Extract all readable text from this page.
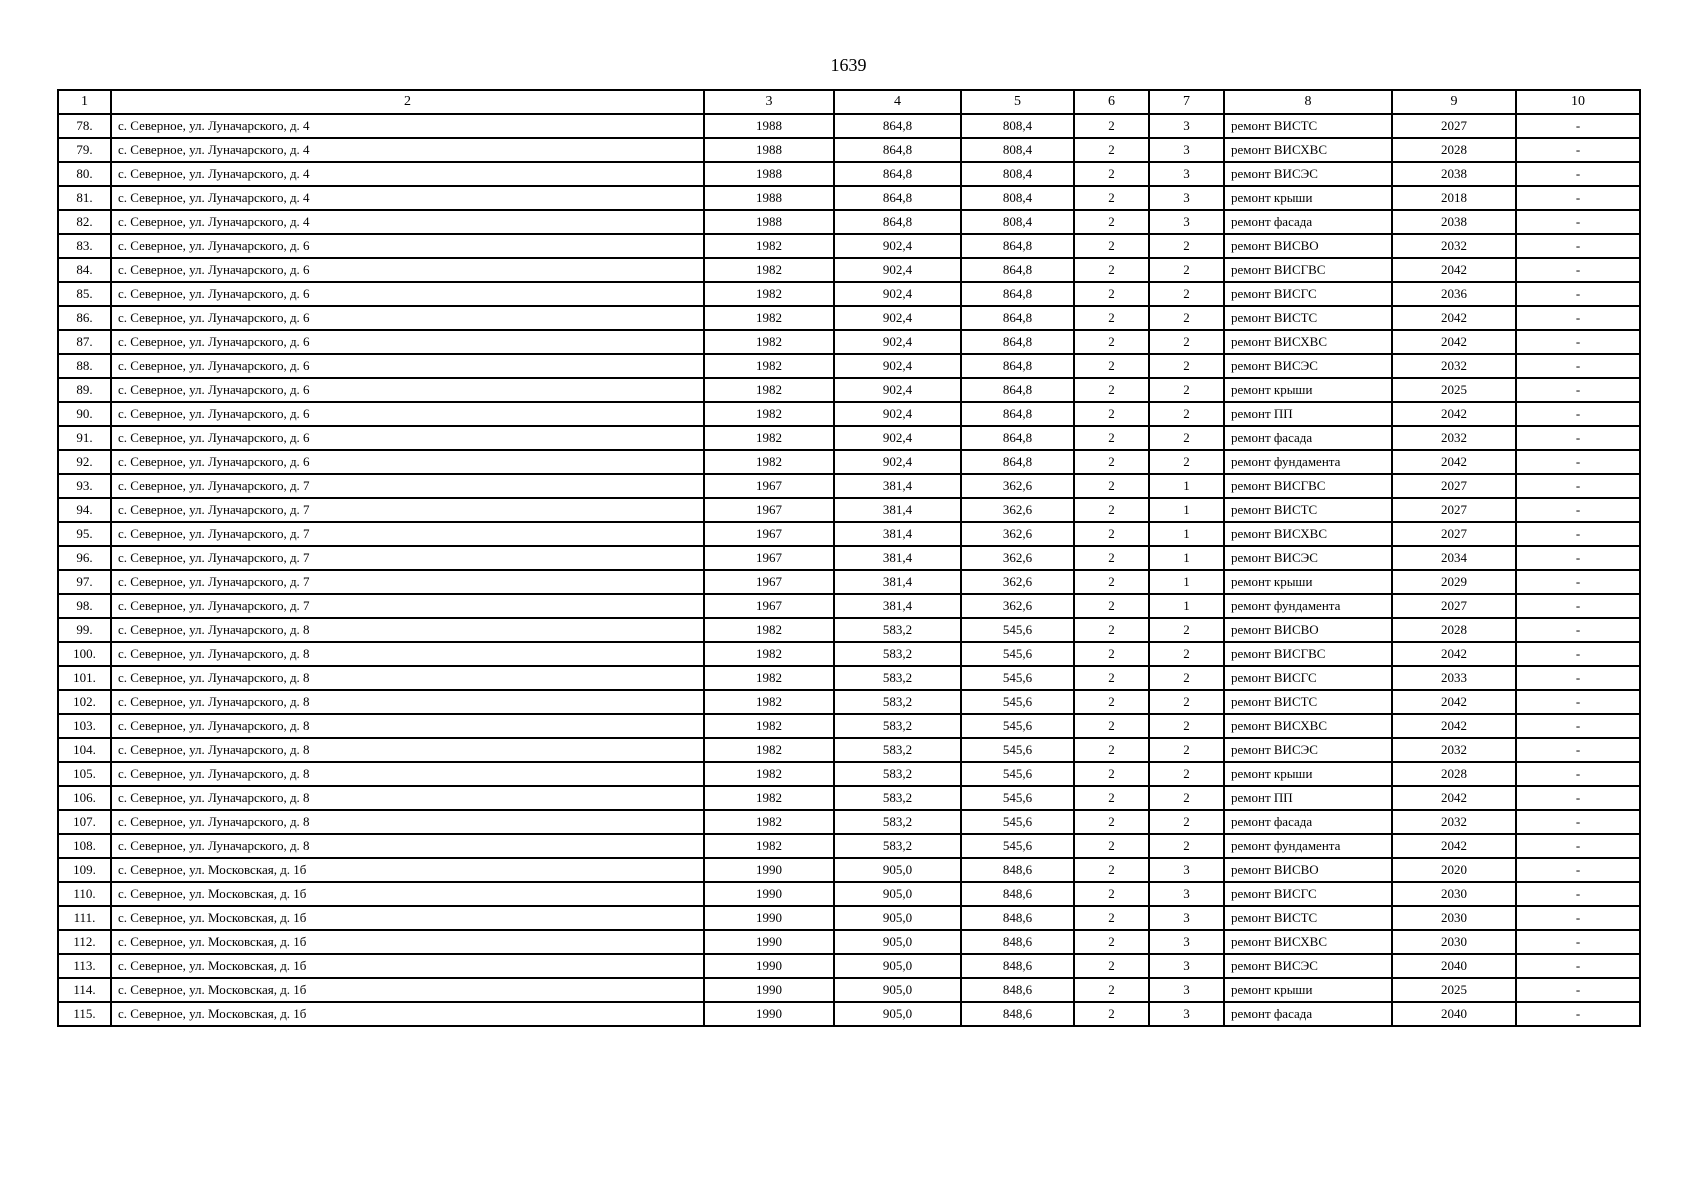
1639
1	2	3	4	5	6	7	8	9	10
78.	с. Северное, ул. Луначарского, д. 4	1988	864,8	808,4	2	3	ремонт ВИСТС	2027	-
79.	с. Северное, ул. Луначарского, д. 4	1988	864,8	808,4	2	3	ремонт ВИСХВС	2028	-
80.	с. Северное, ул. Луначарского, д. 4	1988	864,8	808,4	2	3	ремонт ВИСЭС	2038	-
81.	с. Северное, ул. Луначарского, д. 4	1988	864,8	808,4	2	3	ремонт крыши	2018	-
82.	с. Северное, ул. Луначарского, д. 4	1988	864,8	808,4	2	3	ремонт фасада	2038	-
83.	с. Северное, ул. Луначарского, д. 6	1982	902,4	864,8	2	2	ремонт ВИСВО	2032	-
84.	с. Северное, ул. Луначарского, д. 6	1982	902,4	864,8	2	2	ремонт ВИСГВС	2042	-
85.	с. Северное, ул. Луначарского, д. 6	1982	902,4	864,8	2	2	ремонт ВИСГС	2036	-
86.	с. Северное, ул. Луначарского, д. 6	1982	902,4	864,8	2	2	ремонт ВИСТС	2042	-
87.	с. Северное, ул. Луначарского, д. 6	1982	902,4	864,8	2	2	ремонт ВИСХВС	2042	-
88.	с. Северное, ул. Луначарского, д. 6	1982	902,4	864,8	2	2	ремонт ВИСЭС	2032	-
89.	с. Северное, ул. Луначарского, д. 6	1982	902,4	864,8	2	2	ремонт крыши	2025	-
90.	с. Северное, ул. Луначарского, д. 6	1982	902,4	864,8	2	2	ремонт ПП	2042	-
91.	с. Северное, ул. Луначарского, д. 6	1982	902,4	864,8	2	2	ремонт фасада	2032	-
92.	с. Северное, ул. Луначарского, д. 6	1982	902,4	864,8	2	2	ремонт фундамента	2042	-
93.	с. Северное, ул. Луначарского, д. 7	1967	381,4	362,6	2	1	ремонт ВИСГВС	2027	-
94.	с. Северное, ул. Луначарского, д. 7	1967	381,4	362,6	2	1	ремонт ВИСТС	2027	-
95.	с. Северное, ул. Луначарского, д. 7	1967	381,4	362,6	2	1	ремонт ВИСХВС	2027	-
96.	с. Северное, ул. Луначарского, д. 7	1967	381,4	362,6	2	1	ремонт ВИСЭС	2034	-
97.	с. Северное, ул. Луначарского, д. 7	1967	381,4	362,6	2	1	ремонт крыши	2029	-
98.	с. Северное, ул. Луначарского, д. 7	1967	381,4	362,6	2	1	ремонт фундамента	2027	-
99.	с. Северное, ул. Луначарского, д. 8	1982	583,2	545,6	2	2	ремонт ВИСВО	2028	-
100.	с. Северное, ул. Луначарского, д. 8	1982	583,2	545,6	2	2	ремонт ВИСГВС	2042	-
101.	с. Северное, ул. Луначарского, д. 8	1982	583,2	545,6	2	2	ремонт ВИСГС	2033	-
102.	с. Северное, ул. Луначарского, д. 8	1982	583,2	545,6	2	2	ремонт ВИСТС	2042	-
103.	с. Северное, ул. Луначарского, д. 8	1982	583,2	545,6	2	2	ремонт ВИСХВС	2042	-
104.	с. Северное, ул. Луначарского, д. 8	1982	583,2	545,6	2	2	ремонт ВИСЭС	2032	-
105.	с. Северное, ул. Луначарского, д. 8	1982	583,2	545,6	2	2	ремонт крыши	2028	-
106.	с. Северное, ул. Луначарского, д. 8	1982	583,2	545,6	2	2	ремонт ПП	2042	-
107.	с. Северное, ул. Луначарского, д. 8	1982	583,2	545,6	2	2	ремонт фасада	2032	-
108.	с. Северное, ул. Луначарского, д. 8	1982	583,2	545,6	2	2	ремонт фундамента	2042	-
109.	с. Северное, ул. Московская, д. 1б	1990	905,0	848,6	2	3	ремонт ВИСВО	2020	-
110.	с. Северное, ул. Московская, д. 1б	1990	905,0	848,6	2	3	ремонт ВИСГС	2030	-
111.	с. Северное, ул. Московская, д. 1б	1990	905,0	848,6	2	3	ремонт ВИСТС	2030	-
112.	с. Северное, ул. Московская, д. 1б	1990	905,0	848,6	2	3	ремонт ВИСХВС	2030	-
113.	с. Северное, ул. Московская, д. 1б	1990	905,0	848,6	2	3	ремонт ВИСЭС	2040	-
114.	с. Северное, ул. Московская, д. 1б	1990	905,0	848,6	2	3	ремонт крыши	2025	-
115.	с. Северное, ул. Московская, д. 1б	1990	905,0	848,6	2	3	ремонт фасада	2040	-
